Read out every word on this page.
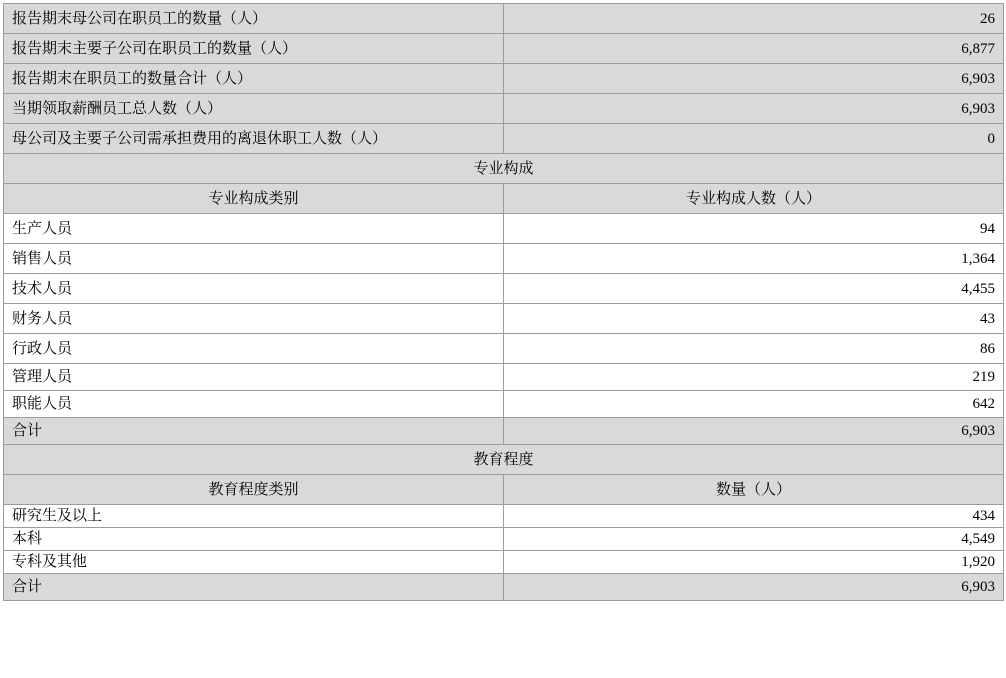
报告期末母公司在职员工的数量（人）	26
报告期末主要子公司在职员工的数量（人）	6,877
报告期末在职员工的数量合计（人）	6,903
当期领取薪酬员工总人数（人）	6,903
母公司及主要子公司需承担费用的离退休职工人数（人）	0
专业构成	
专业构成类别	专业构成人数（人）
生产人员	94
销售人员	1,364
技术人员	4,455
财务人员	43
行政人员	86
管理人员	219
职能人员	642
合计	6,903
教育程度	
教育程度类别	数量（人）
研究生及以上	434
本科	4,549
专科及其他	1,920
合计	6,903
